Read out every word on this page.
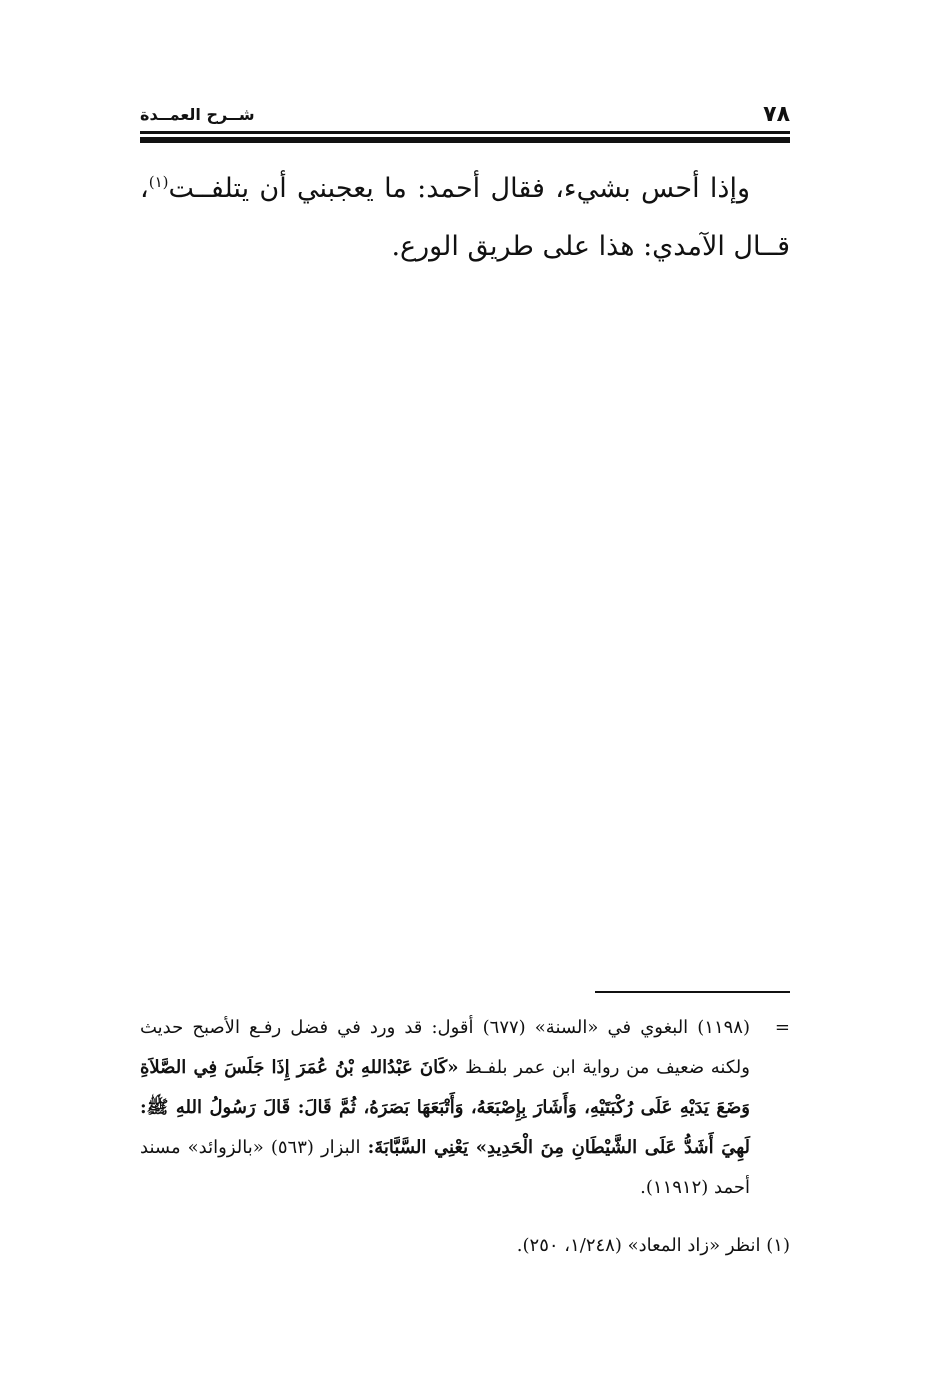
٧٨
شــرح العمــدة

وإذا أحس بشيء، فقال أحمد: ما يعجبني أن يتلفــت$^{(١)}$، قــال الآمدي: هذا على طريق الورع.

=

(١١٩٨) البغوي في «السنة» (٦٧٧) أقول: قد ورد في فضل رفـع الأصبح حديث ولكنه ضعيف من رواية ابن عمر بلفـظ «كَانَ عَبْدُاللهِ بْنُ عُمَرَ إِذَا جَلَسَ فِي الصَّلاَةِ وَضَعَ يَدَيْهِ عَلَى رُكْبَتَيْهِ، وَأَشَارَ بِإِصْبَعَهُ، وَأَتْبَعَهَا بَصَرَهُ، ثُمَّ قَالَ: قَالَ رَسُولُ اللهِ ﷺ: لَهِيَ أَشَدُّ عَلَى الشَّيْطَانِ مِنَ الْحَدِيدِ» يَعْنِي السَّبَّابَةَ: البزار (٥٦٣) «بالزوائد» مسند أحمد (١١٩١٢).

(١) انظر «زاد المعاد» (١/٢٤٨، ٢٥٠).
